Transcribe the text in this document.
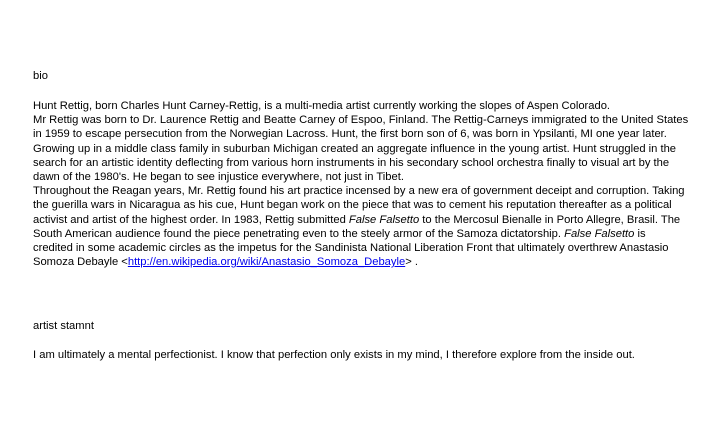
bio
Hunt Rettig, born Charles Hunt Carney-Rettig, is a multi-media artist currently working the slopes of Aspen Colorado.
Mr Rettig was born to Dr. Laurence Rettig and Beatte Carney of Espoo, Finland. The Rettig-Carneys immigrated to the United States
in 1959 to escape persecution from the Norwegian Lacross. Hunt, the first born son of 6, was born in Ypsilanti, MI one year later.
Growing up in a middle class family in suburban Michigan created an aggregate influence in the young artist. Hunt struggled in the
search for an artistic identity deflecting from various horn instruments in his secondary school orchestra finally to visual art by the
dawn of the 1980's. He began to see injustice everywhere, not just in Tibet.
Throughout the Reagan years, Mr. Rettig found his art practice incensed by a new era of government deceipt and corruption. Taking
the guerilla wars in Nicaragua as his cue, Hunt began work on the piece that was to cement his reputation thereafter as a political
activist and artist of the highest order. In 1983, Rettig submitted False Falsetto to the Mercosul Bienalle in Porto Allegre, Brasil. The
South American audience found the piece penetrating even to the steely armor of the Samoza dictatorship. False Falsetto is
credited in some academic circles as the impetus for the Sandinista National Liberation Front that ultimately overthrew Anastasio
Somoza Debayle <http://en.wikipedia.org/wiki/Anastasio_Somoza_Debayle> .
artist stamnt
I am ultimately a mental perfectionist. I know that perfection only exists in my mind, I therefore explore from the inside out.
